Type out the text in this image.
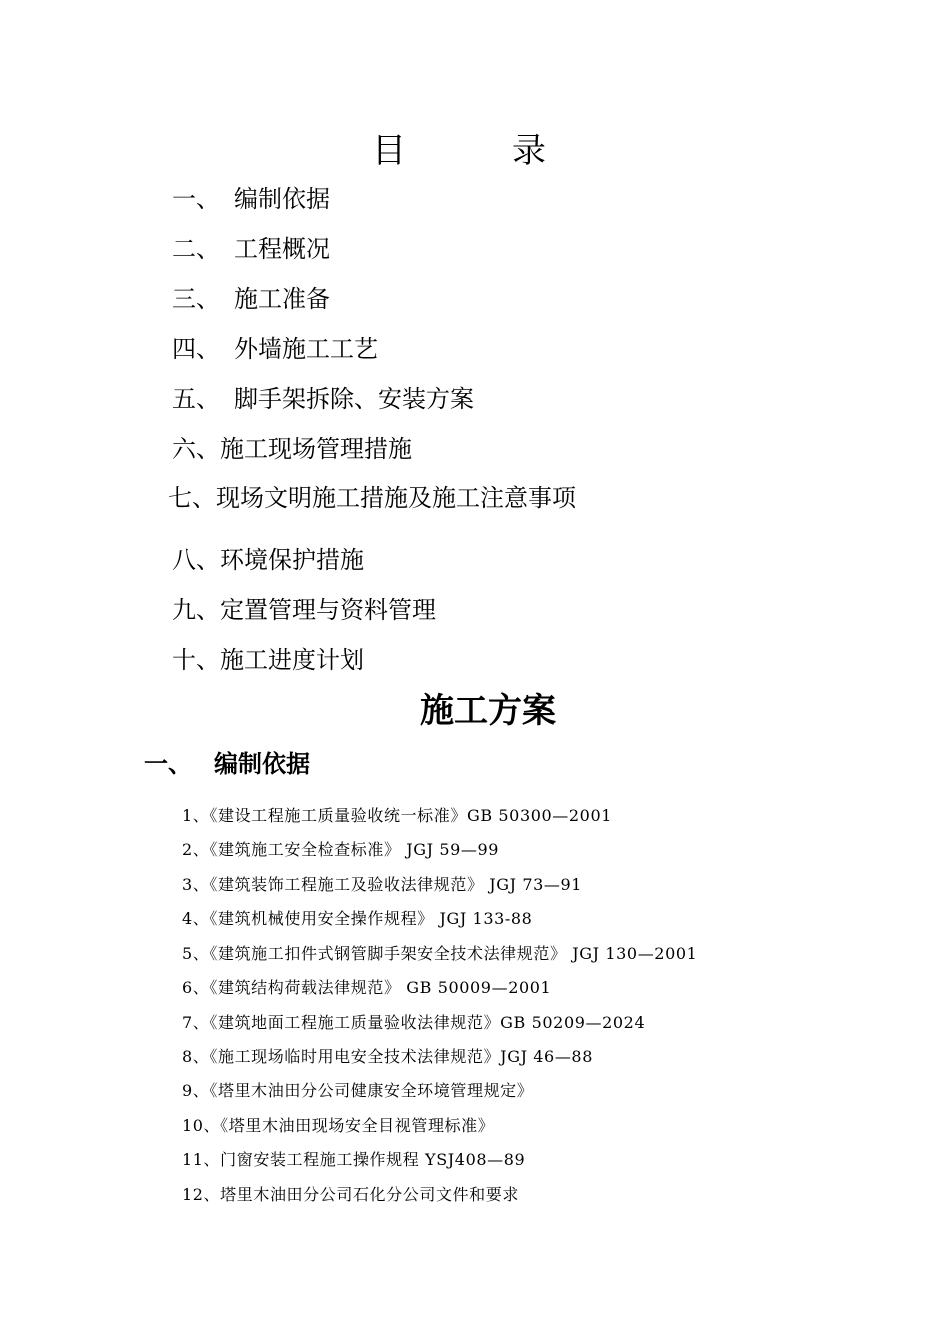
目	录
一、 编制依据
二、 工程概况
三、 施工准备
四、 外墙施工工艺
五、 脚手架拆除、安装方案
六、施工现场管理措施
七、现场文明施工措施及施工注意事项
八、环境保护措施
九、定置管理与资料管理
十、施工进度计划
施工方案
一、 编制依据
1、《建设工程施工质量验收统一标准》GB 50300—2001
2、《建筑施工安全检查标准》 JGJ 59—99
3、《建筑装饰工程施工及验收法律规范》 JGJ 73—91
4、《建筑机械使用安全操作规程》 JGJ 133-88
5、《建筑施工扣件式钢管脚手架安全技术法律规范》 JGJ 130—2001
6、《建筑结构荷载法律规范》 GB 50009—2001
7、《建筑地面工程施工质量验收法律规范》GB 50209—2024
8、《施工现场临时用电安全技术法律规范》JGJ 46—88
9、《塔里木油田分公司健康安全环境管理规定》
10、《塔里木油田现场安全目视管理标准》
11、门窗安装工程施工操作规程 YSJ408—89
12、塔里木油田分公司石化分公司文件和要求
